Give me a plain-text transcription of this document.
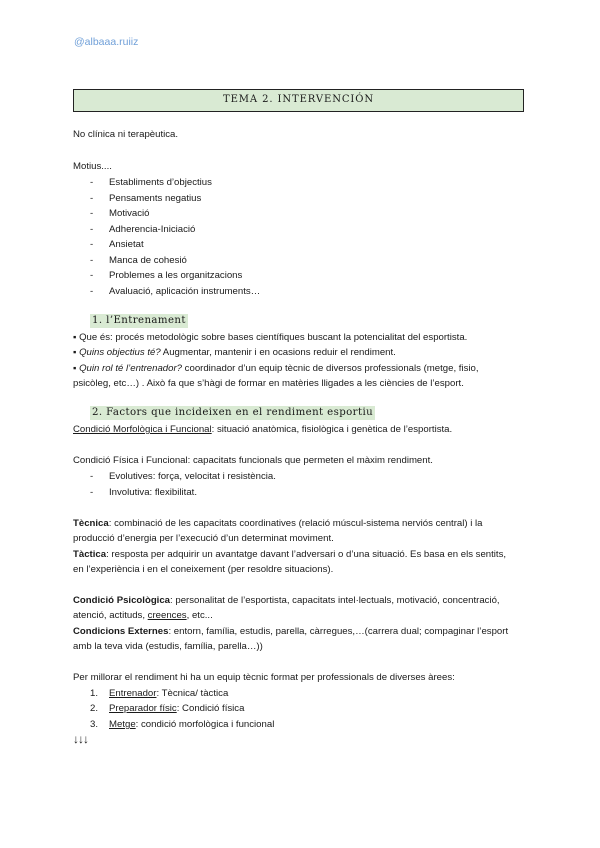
@albaaa.ruiiz
TEMA 2. INTERVENCIÓN
No clínica ni terapèutica.
Motius....
- Establiments d’objectius
- Pensaments negatius
- Motivació
- Adherencia-Iniciació
- Ansietat
- Manca de cohesió
- Problemes a les organitzacions
- Avaluació, aplicación instruments…
1. l’Entrenament
▪ Que és: procés metodològic sobre bases científiques buscant la potencialitat del esportista.
▪ Quins objectius té? Augmentar, mantenir i en ocasions reduir el rendiment.
▪ Quin rol té l’entrenador? coordinador d’un equip tècnic de diversos professionals (metge, fisio,
psicòleg, etc…) . Això fa que s’hàgi de formar en matèries lligades a les ciències de l’esport.
2. Factors que incideixen en el rendiment esportiu
Condició Morfològica i Funcional: situació anatòmica, fisiològica i genètica de l’esportista.
Condició Física i Funcional: capacitats funcionals que permeten el màxim rendiment.
- Evolutives: força, velocitat i resistència.
- Involutiva: flexibilitat.
Tècnica: combinació de les capacitats coordinatives (relació múscul-sistema nerviós central) i la
producció d’energia per l’execució d’un determinat moviment.
Tàctica: resposta per adquirir un avantatge davant l’adversari o d’una situació. Es basa en els sentits,
en l’experiència i en el coneixement (per resoldre situacions).
Condició Psicològica: personalitat de l’esportista, capacitats intel·lectuals, motivació, concentració,
atenció, actituds, creences, etc...
Condicions Externes: entorn, família, estudis, parella, càrregues,…(carrera dual; compaginar l’esport
amb la teva vida (estudis, família, parella…))
Per millorar el rendiment hi ha un equip tècnic format per professionals de diverses àrees:
1. Entrenador: Tècnica/ tàctica
2. Preparador físic: Condició física
3. Metge: condició morfològica i funcional
↓↓↓
